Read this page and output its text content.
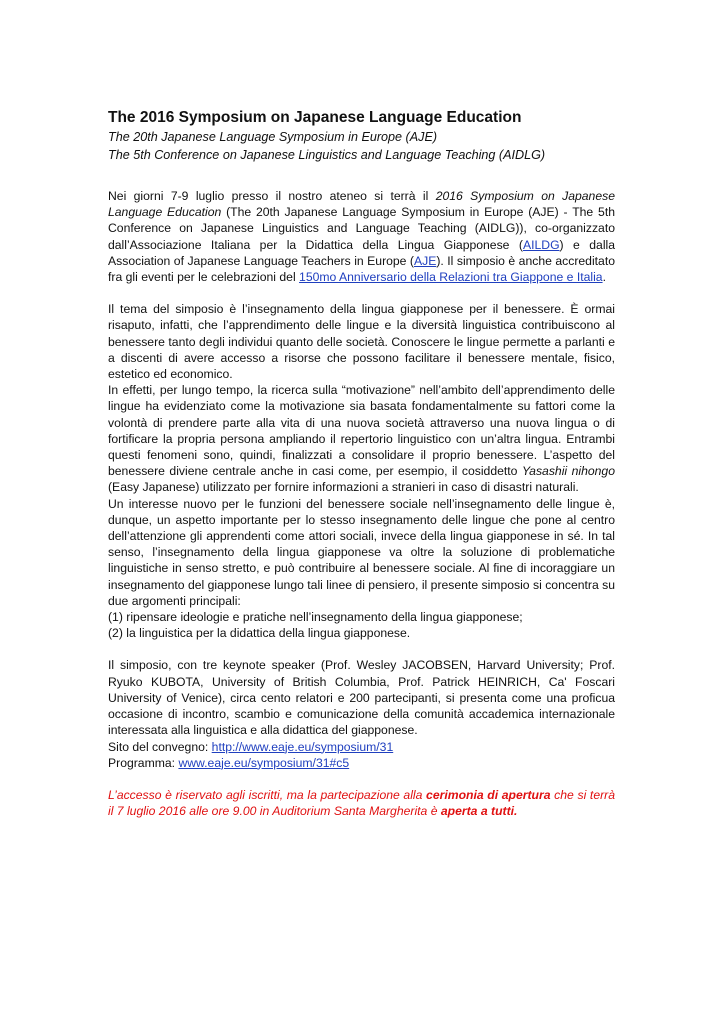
The 2016 Symposium on Japanese Language Education
The 20th Japanese Language Symposium in Europe (AJE)
The 5th Conference on Japanese Linguistics and Language Teaching (AIDLG)

Nei giorni 7-9 luglio presso il nostro ateneo si terrà il 2016 Symposium on Japanese Language Education (The 20th Japanese Language Symposium in Europe (AJE) - The 5th Conference on Japanese Linguistics and Language Teaching (AIDLG)), co-organizzato dall’Associazione Italiana per la Didattica della Lingua Giapponese (AILDG) e dalla Association of Japanese Language Teachers in Europe (AJE). Il simposio è anche accreditato fra gli eventi per le celebrazioni del 150mo Anniversario della Relazioni tra Giappone e Italia.

Il tema del simposio è l’insegnamento della lingua giapponese per il benessere. È ormai risaputo, infatti, che l’apprendimento delle lingue e la diversità linguistica contribuiscono al benessere tanto degli individui quanto delle società. Conoscere le lingue permette a parlanti e a discenti di avere accesso a risorse che possono facilitare il benessere mentale, fisico, estetico ed economico.

In effetti, per lungo tempo, la ricerca sulla “motivazione” nell’ambito dell’apprendimento delle lingue ha evidenziato come la motivazione sia basata fondamentalmente su fattori come la volontà di prendere parte alla vita di una nuova società attraverso una nuova lingua o di fortificare la propria persona ampliando il repertorio linguistico con un’altra lingua. Entrambi questi fenomeni sono, quindi, finalizzati a consolidare il proprio benessere. L’aspetto del benessere diviene centrale anche in casi come, per esempio, il cosiddetto Yasashii nihongo (Easy Japanese) utilizzato per fornire informazioni a stranieri in caso di disastri naturali.

Un interesse nuovo per le funzioni del benessere sociale nell’insegnamento delle lingue è, dunque, un aspetto importante per lo stesso insegnamento delle lingue che pone al centro dell’attenzione gli apprendenti come attori sociali, invece della lingua giapponese in sé. In tal senso, l’insegnamento della lingua giapponese va oltre la soluzione di problematiche linguistiche in senso stretto, e può contribuire al benessere sociale. Al fine di incoraggiare un insegnamento del giapponese lungo tali linee di pensiero, il presente simposio si concentra su due argomenti principali:

(1) ripensare ideologie e pratiche nell’insegnamento della lingua giapponese;

(2) la linguistica per la didattica della lingua giapponese.

Il simposio, con tre keynote speaker (Prof. Wesley JACOBSEN, Harvard University; Prof. Ryuko KUBOTA, University of British Columbia, Prof. Patrick HEINRICH, Ca' Foscari University of Venice), circa cento relatori e 200 partecipanti, si presenta come una proficua occasione di incontro, scambio e comunicazione della comunità accademica internazionale interessata alla linguistica e alla didattica del giapponese.

Sito del convegno: http://www.eaje.eu/symposium/31

Programma: www.eaje.eu/symposium/31#c5

L’accesso è riservato agli iscritti, ma la partecipazione alla cerimonia di apertura che si terrà il 7 luglio 2016 alle ore 9.00 in Auditorium Santa Margherita è aperta a tutti.
